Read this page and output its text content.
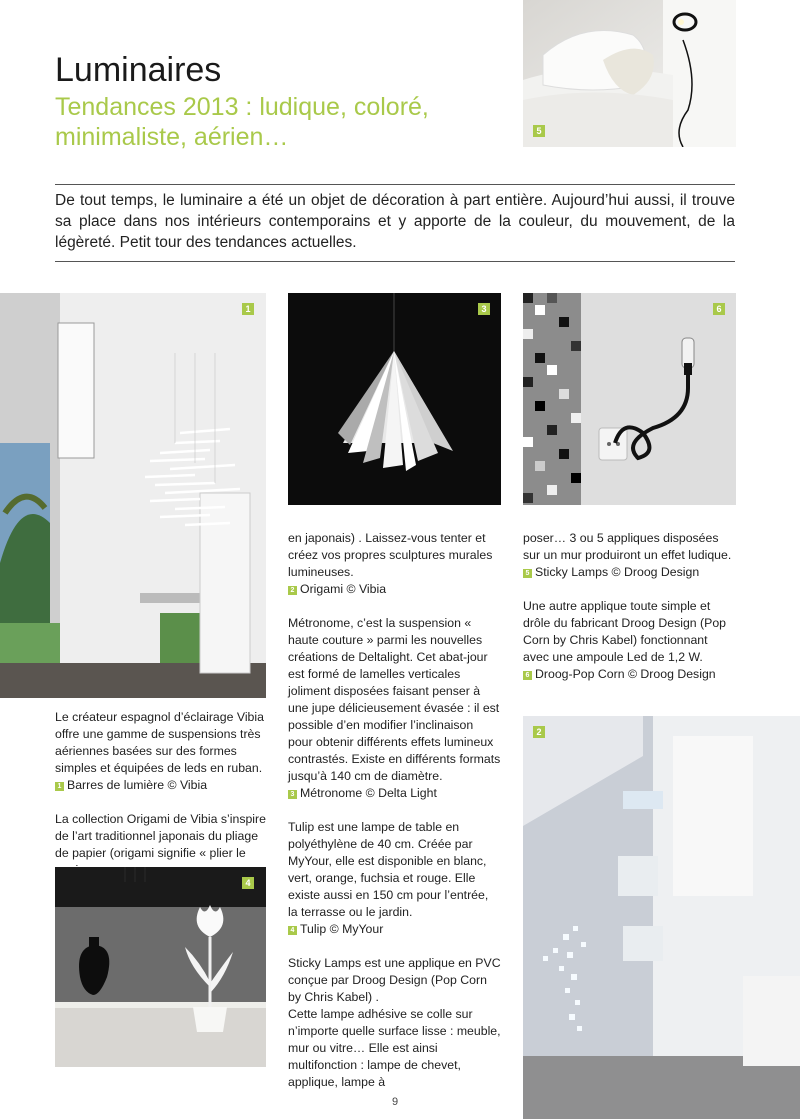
Luminaires
Tendances 2013 : ludique, coloré, minimaliste, aérien…	5

De tout temps, le luminaire a été un objet de décoration à part entière. Aujourd’hui aussi, il trouve sa place dans nos intérieurs contemporains et y apporte de la couleur, du mouvement, de la légèreté. Petit tour des tendances actuelles.

1	3	6

Le créateur espagnol d’éclairage Vibia offre une gamme de suspensions très aériennes basées sur des formes simples et équipées de leds en ruban.

1 Barres de lumière © Vibia

La collection Origami de Vibia s’inspire de l’art traditionnel japonais du pliage de papier (origami signifie « plier le

4

en japonais) . Laissez-vous tenter et créez vos propres sculptures murales lumineuses.

2 Origami © Vibia

Métronome, c’est la suspension « haute couture » parmi les nouvelles créations de Deltalight. Cet abat-jour est formé de lamelles verticales joliment disposées faisant penser à une jupe délicieusement évasée : il est possible d’en modifier l’inclinaison pour obtenir différents effets lumineux contrastés. Existe en différents formats jusqu’à 140 cm de diamètre.

3 Métronome © Delta Light

Tulip est une lampe de table en polyéthylène de 40 cm. Créée par MyYour, elle est disponible en blanc, vert, orange, fuchsia et rouge. Elle existe aussi en 150 cm pour l’entrée, la terrasse ou le jardin.

4 Tulip © MyYour

Sticky Lamps est une applique en PVC conçue par Droog Design (Pop Corn by Chris Kabel) .

Cette lampe adhésive se colle sur n’importe quelle surface lisse : meuble, mur ou vitre… Elle est ainsi multifonction : lampe de chevet, applique, lampe à

poser… 3 ou 5 appliques disposées sur un mur produiront un effet ludique.

5 Sticky Lamps © Droog Design

Une autre applique toute simple et drôle du fabricant Droog Design (Pop Corn by Chris Kabel) fonctionnant avec une ampoule Led de 1,2 W.

6 Droog-Pop Corn © Droog Design

2
9
